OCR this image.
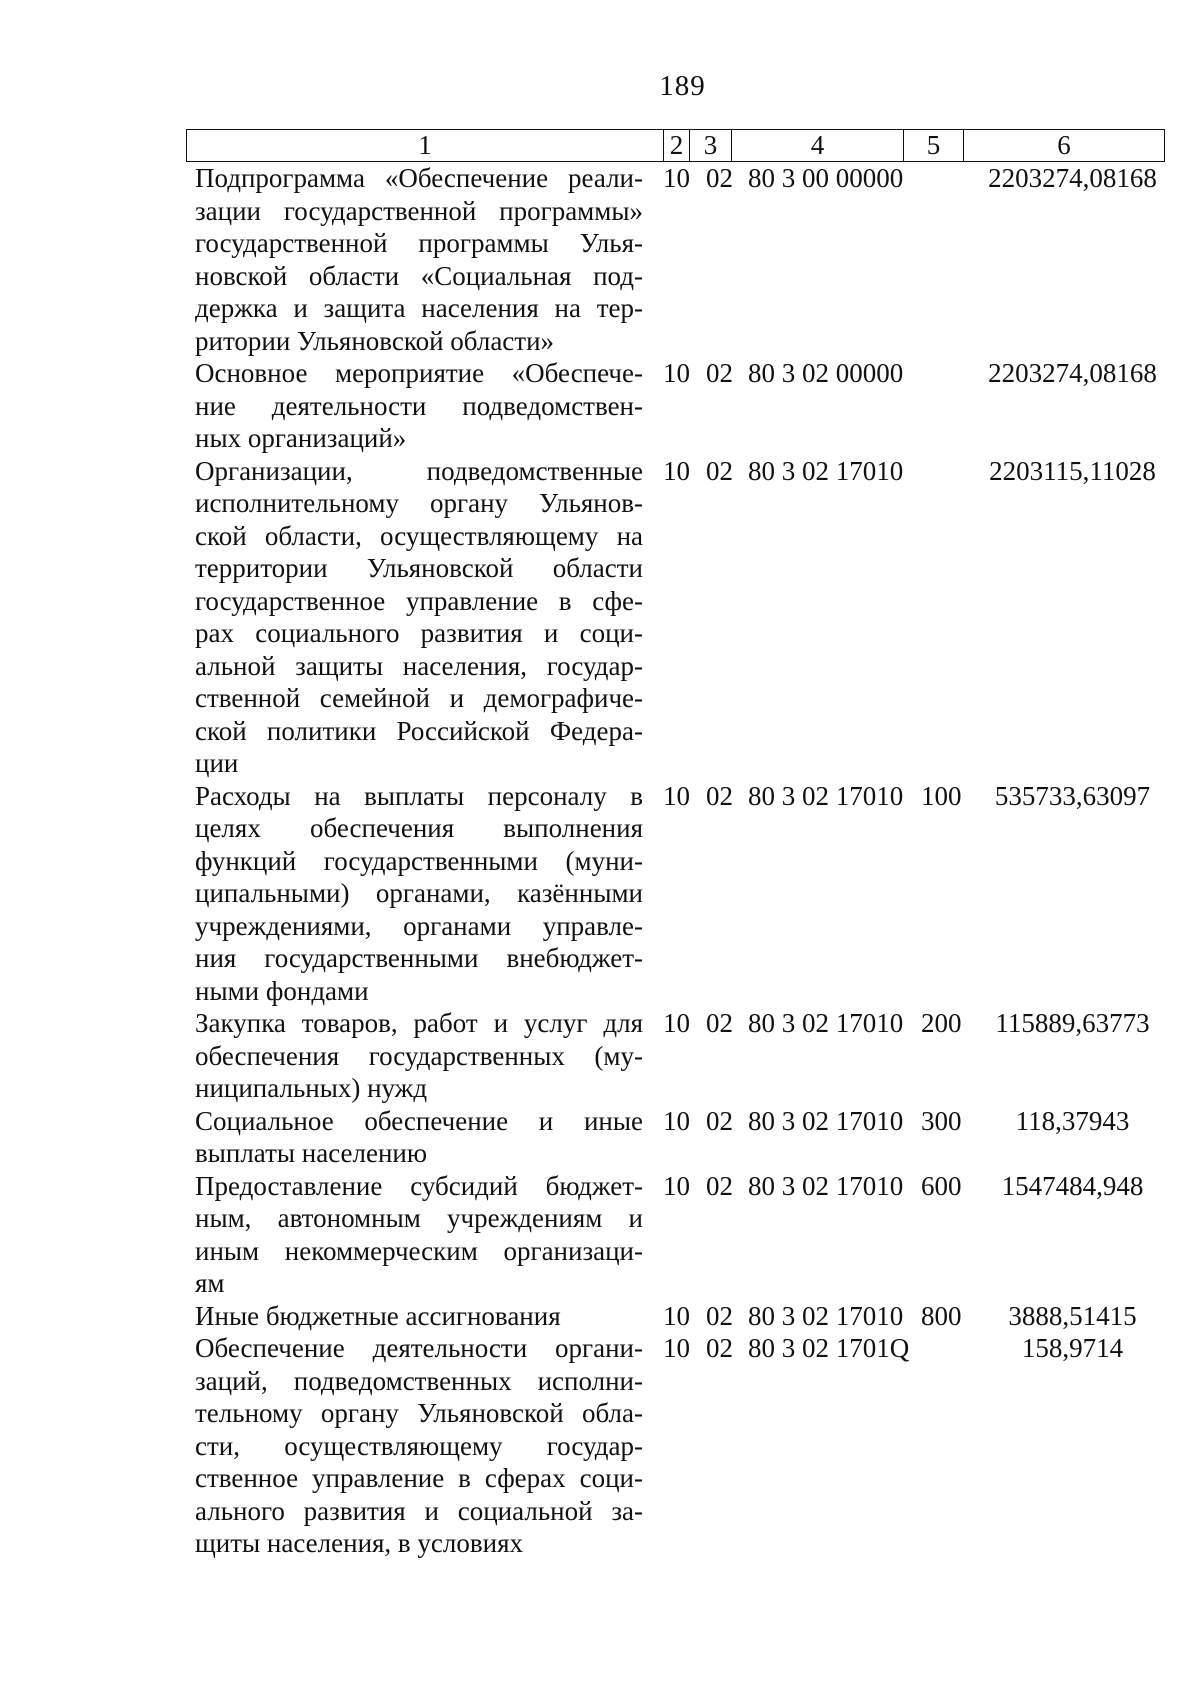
189
1	2 3	4	5	6
Подпрограмма «Обеспечение реали-
зации государственной программы»
государственной программы Улья-
новской области «Социальная под-
держка и защита населения на тер-
ритории Ульяновской области»
10 02 80 3 00 00000	2203274,08168
Основное мероприятие «Обеспече-
ние деятельности подведомствен-
ных организаций»
10 02 80 3 02 00000	2203274,08168
Организации, подведомственные
исполнительному органу Ульянов-
ской области, осуществляющему на
территории Ульяновской области
государственное управление в сфе-
рах социального развития и соци-
альной защиты населения, государ-
ственной семейной и демографиче-
ской политики Российской Федера-
ции
10 02 80 3 02 17010	2203115,11028
Расходы на выплаты персоналу в
целях обеспечения выполнения
функций государственными (муни-
ципальными) органами, казёнными
учреждениями, органами управле-
ния государственными внебюджет-
ными фондами
10 02 80 3 02 17010 100	535733,63097
Закупка товаров, работ и услуг для
обеспечения государственных (му-
ниципальных) нужд
10 02 80 3 02 17010 200	115889,63773
Социальное обеспечение и иные
выплаты населению
10 02 80 3 02 17010 300	118,37943
Предоставление субсидий бюджет-
ным, автономным учреждениям и
иным некоммерческим организаци-
ям
10 02 80 3 02 17010 600	1547484,948
Иные бюджетные ассигнования	10 02 80 3 02 17010 800	3888,51415
Обеспечение деятельности органи-
заций, подведомственных исполни-
тельному органу Ульяновской обла-
сти, осуществляющему государ-
ственное управление в сферах соци-
ального развития и социальной за-
щиты населения, в условиях
10 02 80 3 02 1701Q	158,9714
